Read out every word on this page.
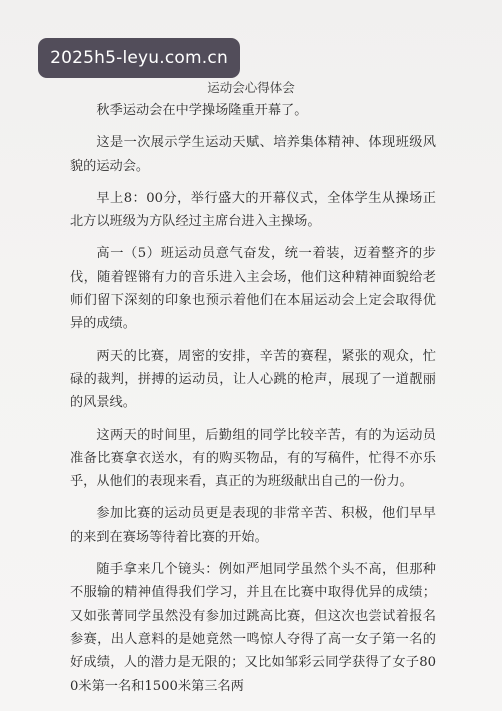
2025h5-leyu.com.cn
运动会心得体会

秋季运动会在中学操场隆重开幕了。

这是一次展示学生运动天赋、培养集体精神、体现班级风貌的运动会。

早上8：00分，举行盛大的开幕仪式，全体学生从操场正北方以班级为方队经过主席台进入主操场。

高一（5）班运动员意气奋发，统一着装，迈着整齐的步伐，随着铿锵有力的音乐进入主会场，他们这种精神面貌给老师们留下深刻的印象也预示着他们在本届运动会上定会取得优异的成绩。

两天的比赛，周密的安排，辛苦的赛程，紧张的观众，忙碌的裁判，拼搏的运动员，让人心跳的枪声，展现了一道靓丽的风景线。

这两天的时间里，后勤组的同学比较辛苦，有的为运动员准备比赛拿衣送水，有的购买物品，有的写稿件，忙得不亦乐乎，从他们的表现来看，真正的为班级献出自己的一份力。

参加比赛的运动员更是表现的非常辛苦、积极，他们早早的来到在赛场等待着比赛的开始。

随手拿来几个镜头：例如严旭同学虽然个头不高，但那种不服输的精神值得我们学习，并且在比赛中取得优异的成绩；又如张菁同学虽然没有参加过跳高比赛，但这次也尝试着报名参赛，出人意料的是她竟然一鸣惊人夺得了高一女子第一名的好成绩，人的潜力是无限的；又比如邹彩云同学获得了女子800米第一名和1500米第三名两
